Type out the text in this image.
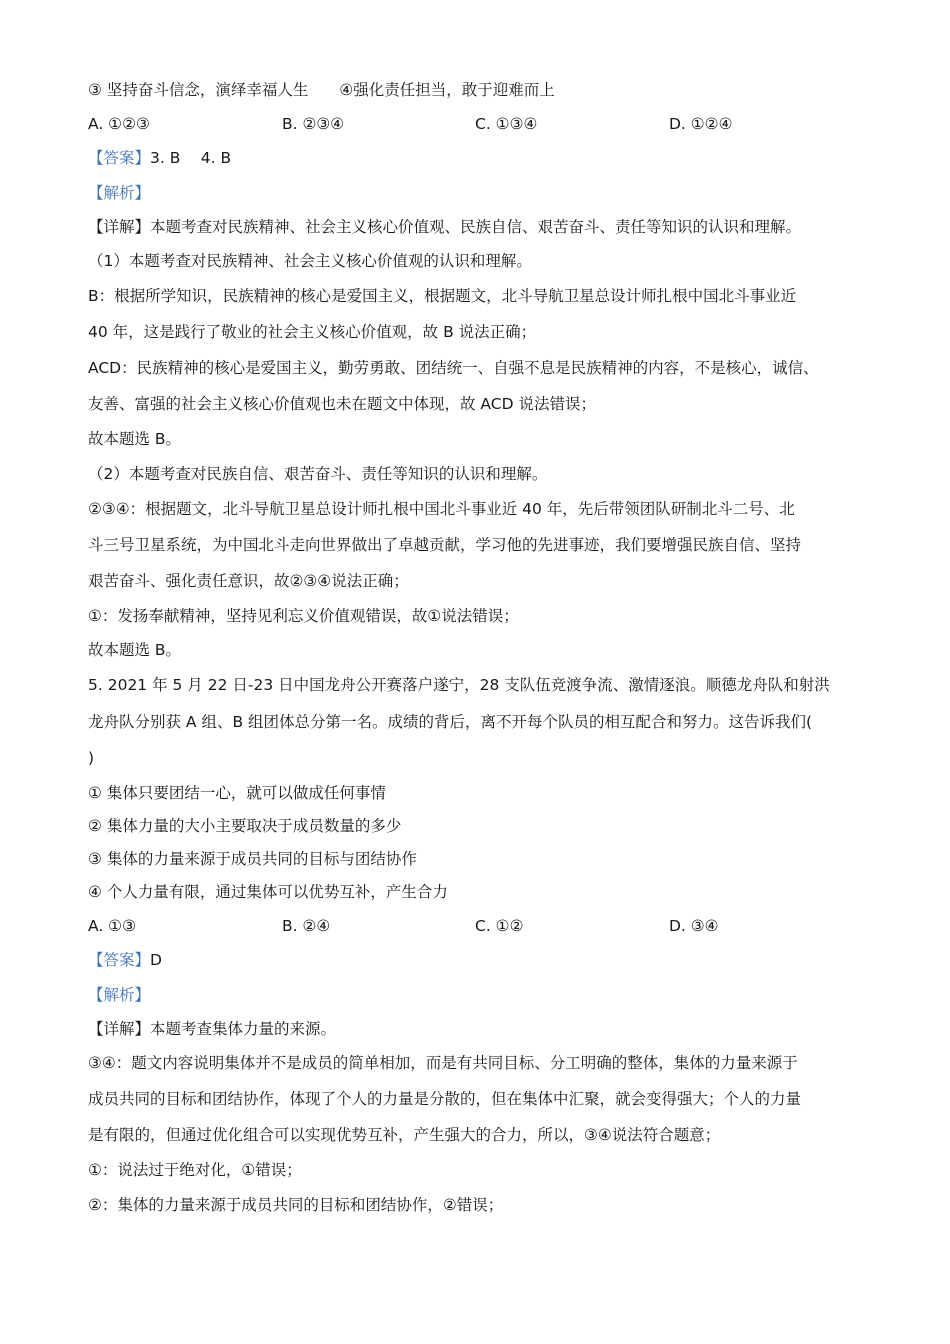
③ 坚持奋斗信念，演绎幸福人生　　④强化责任担当，敢于迎难而上
A. ①②③	B. ②③④	C. ①③④	D. ①②④
【答案】3. B　 4. B
【解析】
【详解】本题考查对民族精神、社会主义核心价值观、民族自信、艰苦奋斗、责任等知识的认识和理解。
（1）本题考查对民族精神、社会主义核心价值观的认识和理解。
B：根据所学知识，民族精神的核心是爱国主义，根据题文，北斗导航卫星总设计师扎根中国北斗事业近
40 年，这是践行了敬业的社会主义核心价值观，故 B 说法正确；
ACD：民族精神的核心是爱国主义，勤劳勇敢、团结统一、自强不息是民族精神的内容，不是核心，诚信、
友善、富强的社会主义核心价值观也未在题文中体现，故 ACD 说法错误；
故本题选 B。
（2）本题考查对民族自信、艰苦奋斗、责任等知识的认识和理解。
②③④：根据题文，北斗导航卫星总设计师扎根中国北斗事业近 40 年，先后带领团队研制北斗二号、北
斗三号卫星系统，为中国北斗走向世界做出了卓越贡献，学习他的先进事迹，我们要增强民族自信、坚持
艰苦奋斗、强化责任意识，故②③④说法正确；
①：发扬奉献精神，坚持见利忘义价值观错误，故①说法错误；
故本题选 B。
5. 2021 年 5 月 22 日-23 日中国龙舟公开赛落户遂宁，28 支队伍竞渡争流、激情逐浪。顺德龙舟队和射洪
龙舟队分别获 A 组、B 组团体总分第一名。成绩的背后，离不开每个队员的相互配合和努力。这告诉我们(
)
① 集体只要团结一心，就可以做成任何事情
② 集体力量的大小主要取决于成员数量的多少
③ 集体的力量来源于成员共同的目标与团结协作
④ 个人力量有限，通过集体可以优势互补，产生合力
A. ①③	B. ②④	C. ①②	D. ③④
【答案】D
【解析】
【详解】本题考查集体力量的来源。
③④：题文内容说明集体并不是成员的简单相加，而是有共同目标、分工明确的整体，集体的力量来源于
成员共同的目标和团结协作，体现了个人的力量是分散的，但在集体中汇聚，就会变得强大；个人的力量
是有限的，但通过优化组合可以实现优势互补，产生强大的合力，所以，③④说法符合题意；
①：说法过于绝对化，①错误；
②：集体的力量来源于成员共同的目标和团结协作，②错误；
